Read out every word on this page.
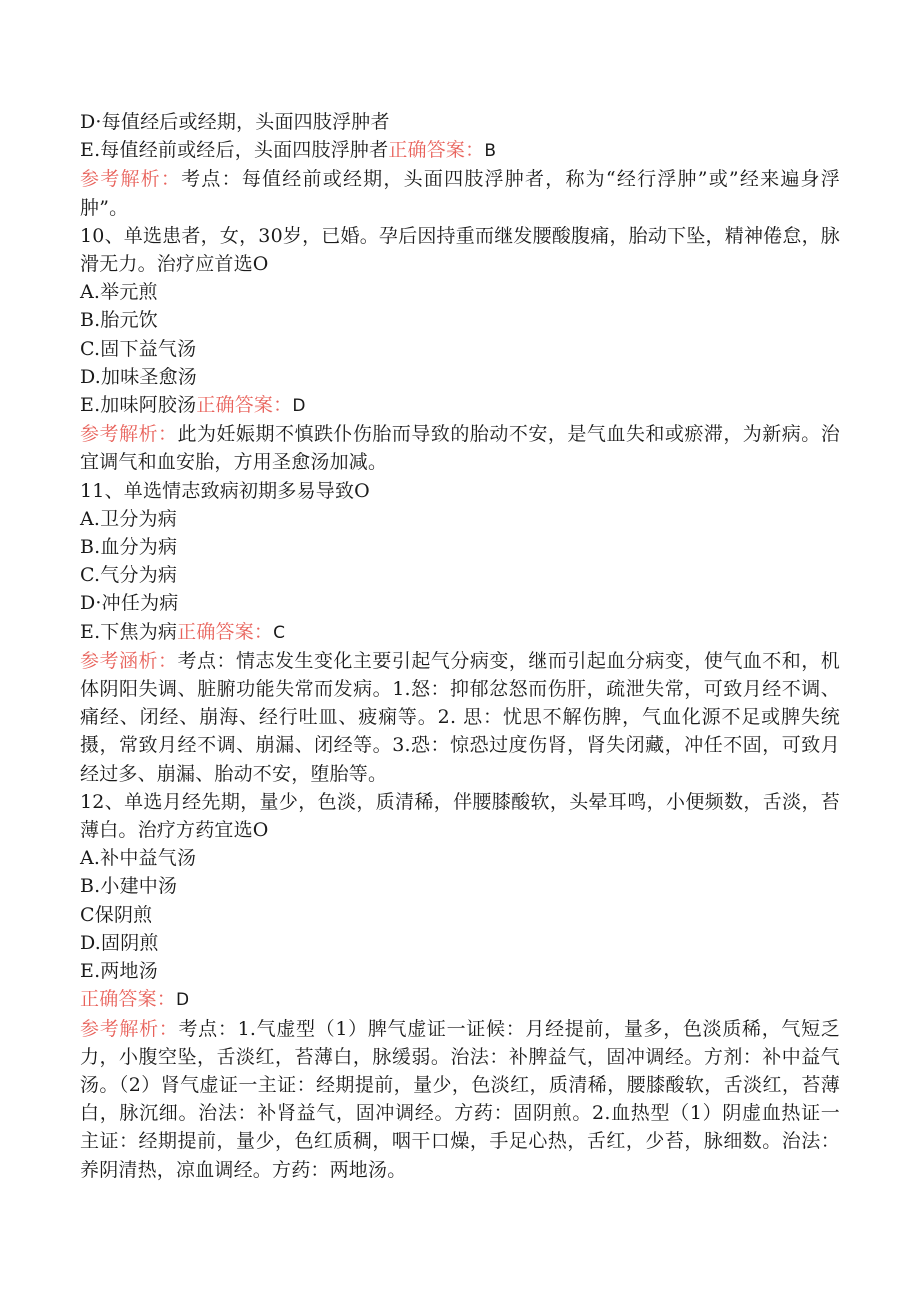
D·每值经后或经期，头面四肢浮肿者
E.每值经前或经后，头面四肢浮肿者正确答案：B
参考解析：考点：每值经前或经期，头面四肢浮肿者，称为“经行浮肿”或”经来遍身浮肿”。
10、单选患者，女，30岁，已婚。孕后因持重而继发腰酸腹痛，胎动下坠，精神倦怠，脉滑无力。治疗应首选O
A.举元煎
B.胎元饮
C.固下益气汤
D.加味圣愈汤
E.加味阿胶汤正确答案：D
参考解析：此为妊娠期不慎跌仆伤胎而导致的胎动不安，是气血失和或瘀滞，为新病。治宜调气和血安胎，方用圣愈汤加减。
11、单选情志致病初期多易导致O
A.卫分为病
B.血分为病
C.气分为病
D·冲任为病
E.下焦为病正确答案：C
参考涵析：考点：情志发生变化主要引起气分病变，继而引起血分病变，使气血不和，机体阴阳失调、脏腑功能失常而发病。1.怒：抑郁忿怒而伤肝，疏泄失常，可致月经不调、痛经、闭经、崩海、经行吐皿、疲痫等。2. 思：忧思不解伤脾，气血化源不足或脾失统摄，常致月经不调、崩漏、闭经等。3.恐：惊恐过度伤肾，肾失闭藏，冲任不固，可致月经过多、崩漏、胎动不安，堕胎等。
12、单选月经先期，量少，色淡，质清稀，伴腰膝酸软，头晕耳鸣，小便频数，舌淡，苔薄白。治疗方药宜选O
A.补中益气汤
B.小建中汤
C保阴煎
D.固阴煎
E.两地汤
正确答案：D
参考解析：考点：1.气虚型（1）脾气虚证一证候：月经提前，量多，色淡质稀，气短乏力，小腹空坠，舌淡红，苔薄白，脉缓弱。治法：补脾益气，固冲调经。方剂：补中益气汤。（2）肾气虚证一主证：经期提前，量少，色淡红，质清稀，腰膝酸软，舌淡红，苔薄白，脉沉细。治法：补肾益气，固冲调经。方药：固阴煎。2.血热型（1）阴虚血热证一主证：经期提前，量少，色红质稠，咽干口燥，手足心热，舌红，少苔，脉细数。治法：养阴清热，凉血调经。方药：两地汤。
